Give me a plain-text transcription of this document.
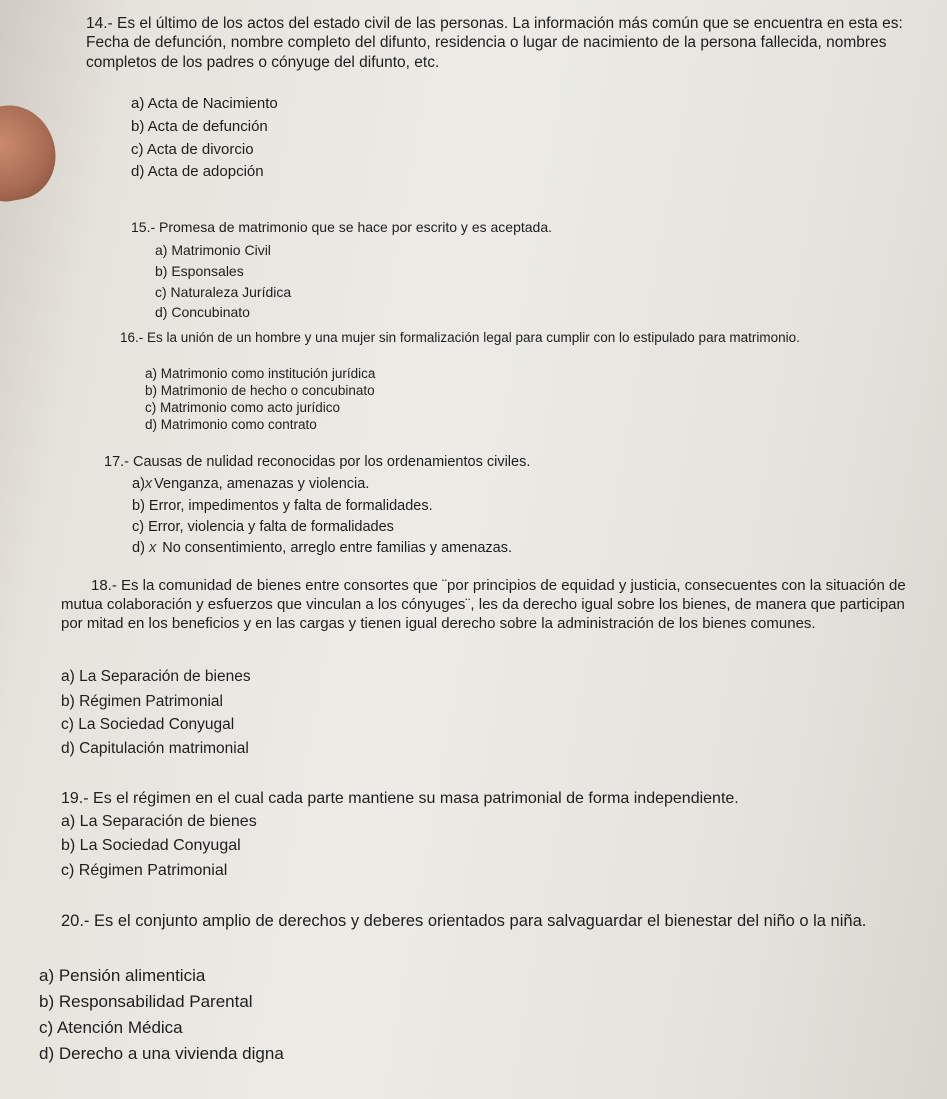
14.- Es el último de los actos del estado civil de las personas. La información más común que se encuentra en esta es: Fecha de defunción, nombre completo del difunto, residencia o lugar de nacimiento de la persona fallecida, nombres completos de los padres o cónyuge del difunto, etc.

a) Acta de Nacimiento

b) Acta de defunción

c) Acta de divorcio

d) Acta de adopción

15.- Promesa de matrimonio que se hace por escrito y es aceptada.

a) Matrimonio Civil

b) Esponsales

c) Naturaleza Jurídica

d) Concubinato

16.- Es la unión de un hombre y una mujer sin formalización legal para cumplir con lo estipulado para matrimonio.

a) Matrimonio como institución jurídica

b) Matrimonio de hecho o concubinato

c) Matrimonio como acto jurídico

d) Matrimonio como contrato

17.- Causas de nulidad reconocidas por los ordenamientos civiles.

a)x Venganza, amenazas y violencia.

b) Error, impedimentos y falta de formalidades.

c) Error, violencia y falta de formalidades

d) x No consentimiento, arreglo entre familias y amenazas.

18.- Es la comunidad de bienes entre consortes que ¨por principios de equidad y justicia, consecuentes con la situación de mutua colaboración y esfuerzos que vinculan a los cónyuges¨, les da derecho igual sobre los bienes, de manera que participan por mitad en los beneficios y en las cargas y tienen igual derecho sobre la administración de los bienes comunes.

a) La Separación de bienes

b) Régimen Patrimonial

c) La Sociedad Conyugal

d) Capitulación matrimonial

19.- Es el régimen en el cual cada parte mantiene su masa patrimonial de forma independiente.

a) La Separación de bienes

b) La Sociedad Conyugal

c) Régimen Patrimonial

20.- Es el conjunto amplio de derechos y deberes orientados para salvaguardar el bienestar del niño o la niña.

a) Pensión alimenticia

b) Responsabilidad Parental

c) Atención Médica

d) Derecho a una vivienda digna
